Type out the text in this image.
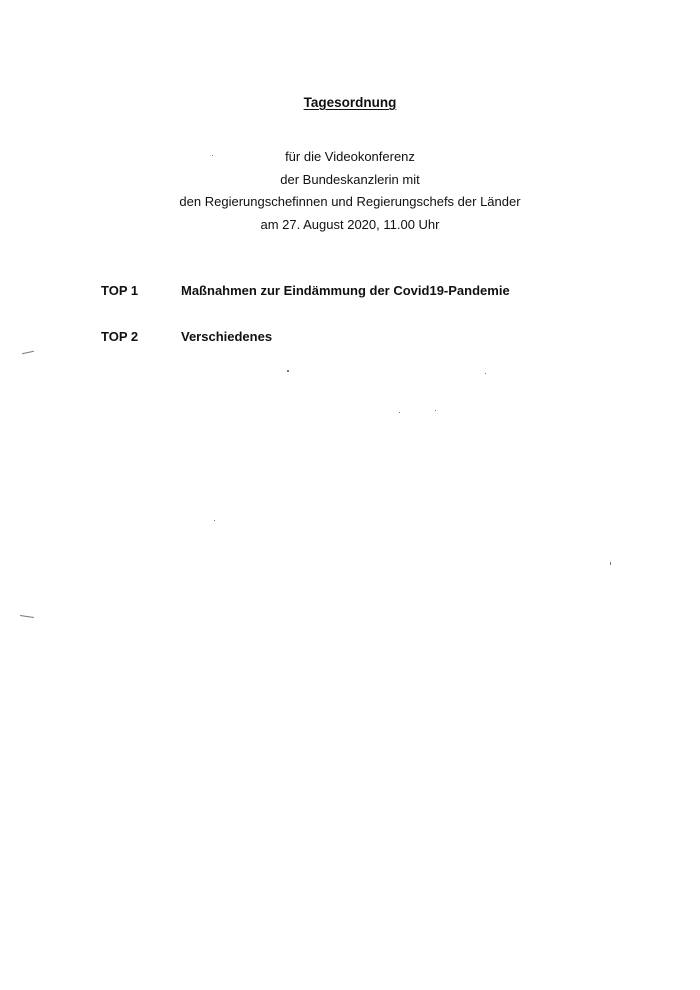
Tagesordnung
für die Videokonferenz
der Bundeskanzlerin mit
den Regierungschefinnen und Regierungschefs der Länder
am 27. August 2020, 11.00 Uhr
TOP 1	Maßnahmen zur Eindämmung der Covid19-Pandemie
TOP 2	Verschiedenes
